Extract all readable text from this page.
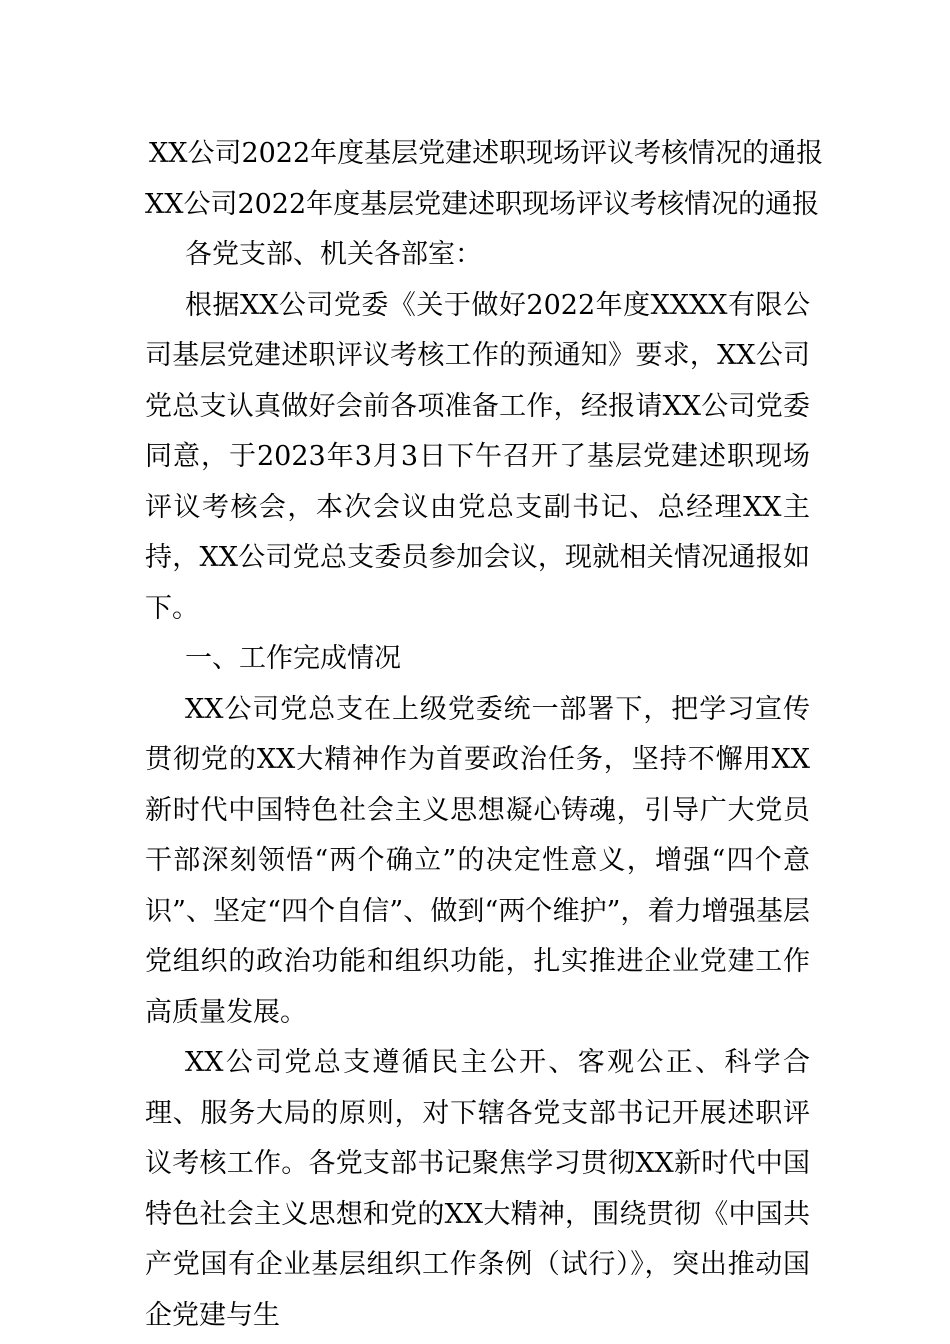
XX公司2022年度基层党建述职现场评议考核情况的通报
XX公司2022年度基层党建述职现场评议考核情况的通报

各党支部、机关各部室：

根据XX公司党委《关于做好2022年度XXXX有限公司基层党建述职评议考核工作的预通知》要求，XX公司党总支认真做好会前各项准备工作，经报请XX公司党委同意，于2023年3月3日下午召开了基层党建述职现场评议考核会，本次会议由党总支副书记、总经理XX主持，XX公司党总支委员参加会议，现就相关情况通报如下。

一、工作完成情况

XX公司党总支在上级党委统一部署下，把学习宣传贯彻党的XX大精神作为首要政治任务，坚持不懈用XX新时代中国特色社会主义思想凝心铸魂，引导广大党员干部深刻领悟“两个确立”的决定性意义，增强“四个意识”、坚定“四个自信”、做到“两个维护”，着力增强基层党组织的政治功能和组织功能，扎实推进企业党建工作高质量发展。

XX公司党总支遵循民主公开、客观公正、科学合理、服务大局的原则，对下辖各党支部书记开展述职评议考核工作。各党支部书记聚焦学习贯彻XX新时代中国特色社会主义思想和党的XX大精神，围绕贯彻《中国共产党国有企业基层组织工作条例（试行）》，突出推动国企党建与生
